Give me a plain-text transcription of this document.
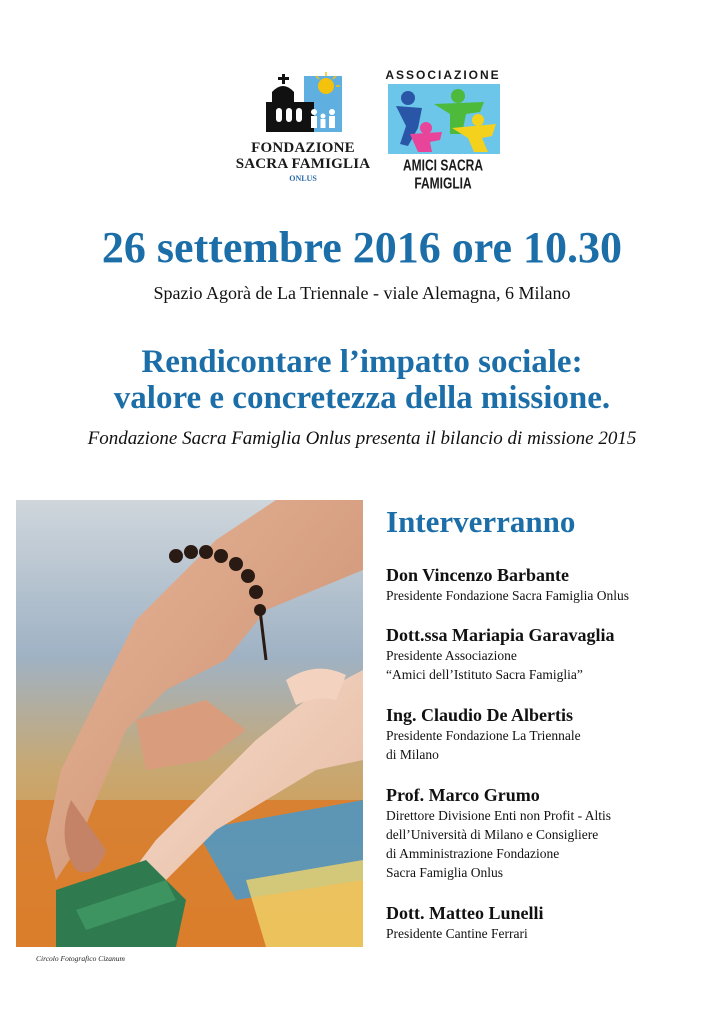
FONDAZIONE
SACRA FAMIGLIA
ONLUS
ASSOCIAZIONE
AMICI SACRA FAMIGLIA
26 settembre 2016 ore 10.30
Spazio Agorà de La Triennale - viale Alemagna, 6 Milano
Rendicontare l’impatto sociale:
valore e concretezza della missione.
Fondazione Sacra Famiglia Onlus presenta il bilancio di missione 2015
Circolo Fotografico Cizanum
Interverranno
Don Vincenzo Barbante
Presidente Fondazione Sacra Famiglia Onlus
Dott.ssa Mariapia Garavaglia
Presidente Associazione
“Amici dell’Istituto Sacra Famiglia”
Ing. Claudio De Albertis
Presidente Fondazione La Triennale
di Milano
Prof. Marco Grumo
Direttore Divisione Enti non Profit - Altis
dell’Università di Milano e Consigliere
di Amministrazione Fondazione
Sacra Famiglia Onlus
Dott. Matteo Lunelli
Presidente Cantine Ferrari
